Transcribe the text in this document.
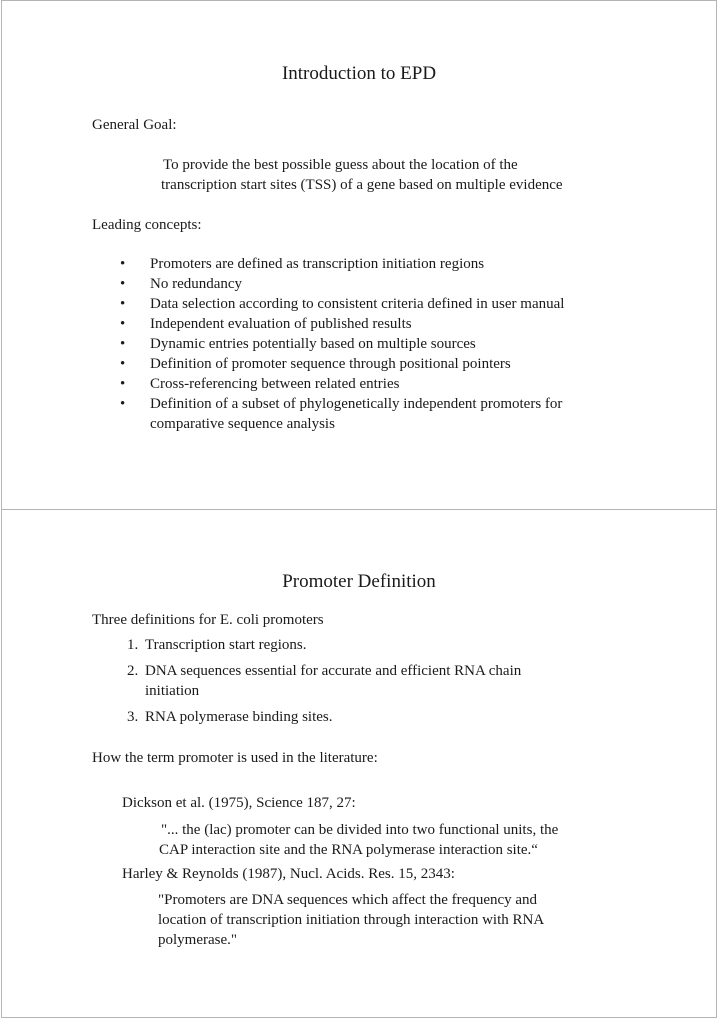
Introduction to EPD
General Goal:
To provide the best possible guess about the location of the
transcription start sites (TSS) of a gene based on multiple evidence
Leading concepts:
• Promoters are defined as transcription initiation regions
• No redundancy
• Data selection according to consistent criteria defined in user manual
• Independent evaluation of published results
• Dynamic entries potentially based on multiple sources
• Definition of promoter sequence through positional pointers
• Cross-referencing between related entries
• Definition of a subset of phylogenetically independent promoters for
comparative sequence analysis
Promoter Definition
Three definitions for E. coli promoters
1. Transcription start regions.
2. DNA sequences essential for accurate and efficient RNA chain
initiation
3. RNA polymerase binding sites.
How the term promoter is used in the literature:
Dickson et al. (1975), Science 187, 27:
"... the (lac) promoter can be divided into two functional units, the
CAP interaction site and the RNA polymerase interaction site.“
Harley & Reynolds (1987), Nucl. Acids. Res. 15, 2343:
"Promoters are DNA sequences which affect the frequency and
location of transcription initiation through interaction with RNA
polymerase."
